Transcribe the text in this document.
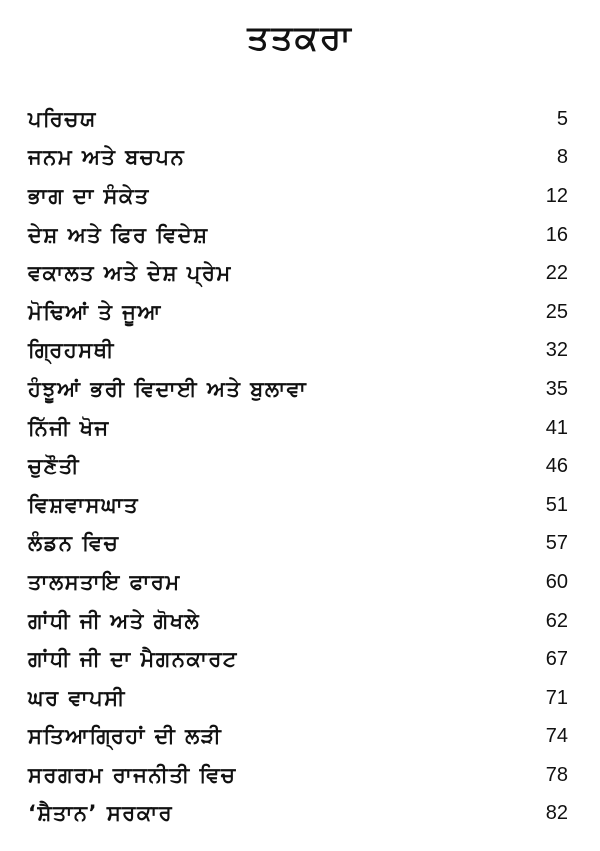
ਤਤਕਰਾ
ਪਰਿਚਯ	5
ਜਨਮ ਅਤੇ ਬਚਪਨ	8
ਭਾਗ ਦਾ ਸੰਕੇਤ	12
ਦੇਸ਼ ਅਤੇ ਫਿਰ ਵਿਦੇਸ਼	16
ਵਕਾਲਤ ਅਤੇ ਦੇਸ਼ ਪ੍ਰੇਮ	22
ਮੋਢਿਆਂ ਤੇ ਜੂਆ	25
ਗ੍ਰਿਹਸਥੀ	32
ਹੰਝੂਆਂ ਭਰੀ ਵਿਦਾਈ ਅਤੇ ਬੁਲਾਵਾ	35
ਨਿੱਜੀ ਖੋਜ	41
ਚੁਣੌਤੀ	46
ਵਿਸ਼ਵਾਸਘਾਤ	51
ਲੰਡਨ ਵਿਚ	57
ਤਾਲਸਤਾਇ ਫਾਰਮ	60
ਗਾਂਧੀ ਜੀ ਅਤੇ ਗੋਖਲੇ	62
ਗਾਂਧੀ ਜੀ ਦਾ ਮੈਗਨਕਾਰਟ	67
ਘਰ ਵਾਪਸੀ	71
ਸਤਿਆਗ੍ਰਿਹਾਂ ਦੀ ਲੜੀ	74
ਸਰਗਰਮ ਰਾਜਨੀਤੀ ਵਿਚ	78
‘ਸ਼ੈਤਾਨ’ ਸਰਕਾਰ	82
